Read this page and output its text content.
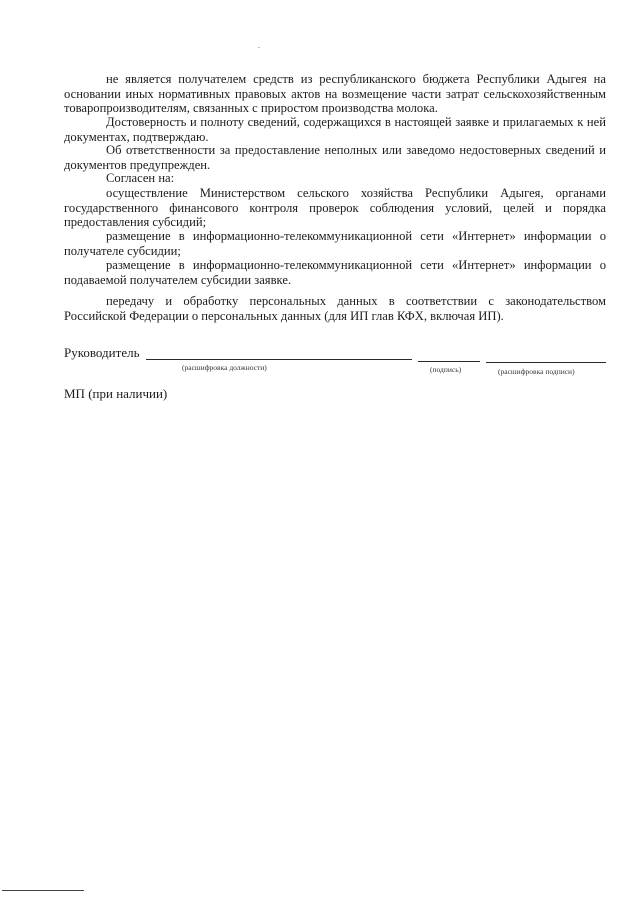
не является получателем средств из республиканского бюджета Республики Адыгея на основании иных нормативных правовых актов на возмещение части затрат сельскохозяйственным товаропроизводителям, связанных с приростом производства молока.

Достоверность и полноту сведений, содержащихся в настоящей заявке и прилагаемых к ней документах, подтверждаю.

Об ответственности за предоставление неполных или заведомо недостоверных сведений и документов предупрежден.

Согласен на:

осуществление Министерством сельского хозяйства Республики Адыгея, органами государственного финансового контроля проверок соблюдения условий, целей и порядка предоставления субсидий;

размещение в информационно-телекоммуникационной сети «Интернет» информации о получателе субсидии;

размещение в информационно-телекоммуникационной сети «Интернет» информации о подаваемой получателем субсидии заявке.

передачу и обработку персональных данных в соответствии с законодательством Российской Федерации о персональных данных (для ИП глав КФХ, включая ИП).

Руководитель
(расшифровка должности)	(подпись)	(расшифровка подписи)
МП (при наличии)
